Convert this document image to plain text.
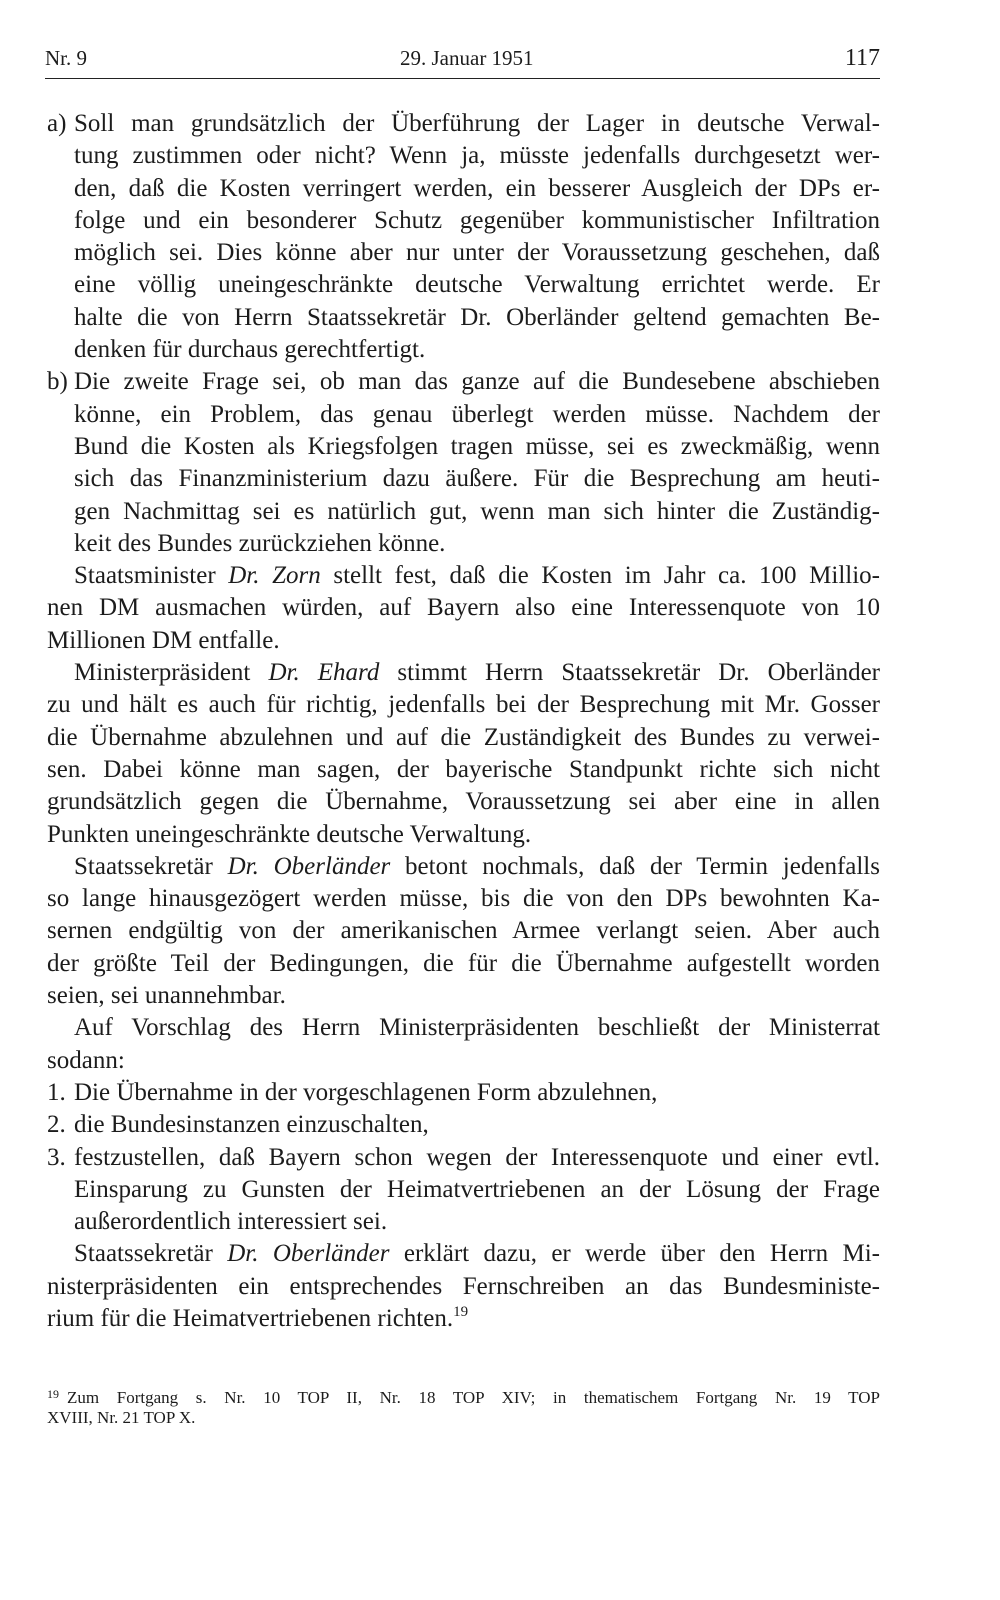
Nr. 9	29. Januar 1951	117
a) Soll man grundsätzlich der Überführung der Lager in deutsche Verwal-
tung zustimmen oder nicht? Wenn ja, müsste jedenfalls durchgesetzt wer-
den, daß die Kosten verringert werden, ein besserer Ausgleich der DPs er-
folge und ein besonderer Schutz gegenüber kommunistischer Infiltration
möglich sei. Dies könne aber nur unter der Voraussetzung geschehen, daß
eine völlig uneingeschränkte deutsche Verwaltung errichtet werde. Er
halte die von Herrn Staatssekretär Dr. Oberländer geltend gemachten Be-
denken für durchaus gerechtfertigt.
b) Die zweite Frage sei, ob man das ganze auf die Bundesebene abschieben
könne, ein Problem, das genau überlegt werden müsse. Nachdem der
Bund die Kosten als Kriegsfolgen tragen müsse, sei es zweckmäßig, wenn
sich das Finanzministerium dazu äußere. Für die Besprechung am heuti-
gen Nachmittag sei es natürlich gut, wenn man sich hinter die Zuständig-
keit des Bundes zurückziehen könne.
Staatsminister Dr. Zorn stellt fest, daß die Kosten im Jahr ca. 100 Millio-
nen DM ausmachen würden, auf Bayern also eine Interessenquote von 10
Millionen DM entfalle.
Ministerpräsident Dr. Ehard stimmt Herrn Staatssekretär Dr. Oberländer
zu und hält es auch für richtig, jedenfalls bei der Besprechung mit Mr. Gosser
die Übernahme abzulehnen und auf die Zuständigkeit des Bundes zu verwei-
sen. Dabei könne man sagen, der bayerische Standpunkt richte sich nicht
grundsätzlich gegen die Übernahme, Voraussetzung sei aber eine in allen
Punkten uneingeschränkte deutsche Verwaltung.
Staatssekretär Dr. Oberländer betont nochmals, daß der Termin jedenfalls
so lange hinausgezögert werden müsse, bis die von den DPs bewohnten Ka-
sernen endgültig von der amerikanischen Armee verlangt seien. Aber auch
der größte Teil der Bedingungen, die für die Übernahme aufgestellt worden
seien, sei unannehmbar.
Auf Vorschlag des Herrn Ministerpräsidenten beschließt der Ministerrat
sodann:
1. Die Übernahme in der vorgeschlagenen Form abzulehnen,
2. die Bundesinstanzen einzuschalten,
3. festzustellen, daß Bayern schon wegen der Interessenquote und einer evtl.
Einsparung zu Gunsten der Heimatvertriebenen an der Lösung der Frage
außerordentlich interessiert sei.
Staatssekretär Dr. Oberländer erklärt dazu, er werde über den Herrn Mi-
nisterpräsidenten ein entsprechendes Fernschreiben an das Bundesministe-
rium für die Heimatvertriebenen richten.$^{19}$
$^{19}$ Zum Fortgang s. Nr. 10 TOP II, Nr. 18 TOP XIV; in thematischem Fortgang Nr. 19 TOP
XVIII, Nr. 21 TOP X.
